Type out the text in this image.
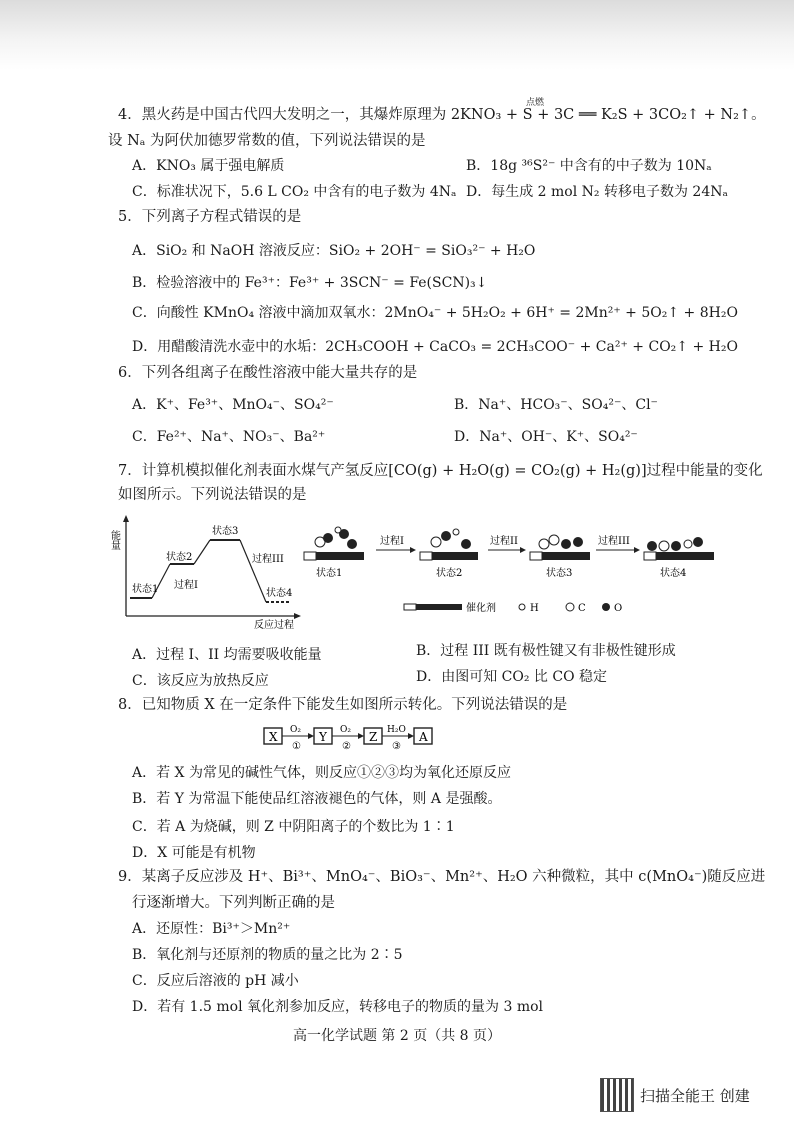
4．黑火药是中国古代四大发明之一，其爆炸原理为 2KNO₃ + S + 3C ══ K₂S + 3CO₂↑ + N₂↑。
点燃
设 Nₐ 为阿伏加德罗常数的值，下列说法错误的是
A．KNO₃ 属于强电解质	B．18g ³⁶S²⁻ 中含有的中子数为 10Nₐ
C．标准状况下，5.6 L CO₂ 中含有的电子数为 4Nₐ D．每生成 2 mol N₂ 转移电子数为 24Nₐ
5．下列离子方程式错误的是
A．SiO₂ 和 NaOH 溶液反应：SiO₂ + 2OH⁻ = SiO₃²⁻ + H₂O
B．检验溶液中的 Fe³⁺：Fe³⁺ + 3SCN⁻ = Fe(SCN)₃↓
C．向酸性 KMnO₄ 溶液中滴加双氧水：2MnO₄⁻ + 5H₂O₂ + 6H⁺ = 2Mn²⁺ + 5O₂↑ + 8H₂O
D．用醋酸清洗水壶中的水垢：2CH₃COOH + CaCO₃ = 2CH₃COO⁻ + Ca²⁺ + CO₂↑ + H₂O
6．下列各组离子在酸性溶液中能大量共存的是
A．K⁺、Fe³⁺、MnO₄⁻、SO₄²⁻	B．Na⁺、HCO₃⁻、SO₄²⁻、Cl⁻
C．Fe²⁺、Na⁺、NO₃⁻、Ba²⁺	D．Na⁺、OH⁻、K⁺、SO₄²⁻
7．计算机模拟催化剂表面水煤气产氢反应[CO(g) + H₂O(g) = CO₂(g) + H₂(g)]过程中能量的变化
如图所示。下列说法错误的是
能量
反应过程
状态1
状态2
状态3
状态4
过程I
过程III
状态1
过程I
状态2
过程II
状态3
过程III
状态4
催化剂	H	C	O
A．过程 I、II 均需要吸收能量	B．过程 III 既有极性键又有非极性键形成
C．该反应为放热反应	D．由图可知 CO₂ 比 CO 稳定
8．已知物质 X 在一定条件下能发生如图所示转化。下列说法错误的是
X O₂
①
Y O₂
②
Z H₂O
③
A
A．若 X 为常见的碱性气体，则反应①②③均为氧化还原反应
B．若 Y 为常温下能使品红溶液褪色的气体，则 A 是强酸。
C．若 A 为烧碱，则 Z 中阴阳离子的个数比为 1∶1
D．X 可能是有机物
9．某离子反应涉及 H⁺、Bi³⁺、MnO₄⁻、BiO₃⁻、Mn²⁺、H₂O 六种微粒，其中 c(MnO₄⁻)随反应进
行逐渐增大。下列判断正确的是
A．还原性：Bi³⁺＞Mn²⁺
B．氧化剂与还原剂的物质的量之比为 2∶5
C．反应后溶液的 pH 减小
D．若有 1.5 mol 氧化剂参加反应，转移电子的物质的量为 3 mol
高一化学试题 第 2 页（共 8 页）
扫描全能王 创建
